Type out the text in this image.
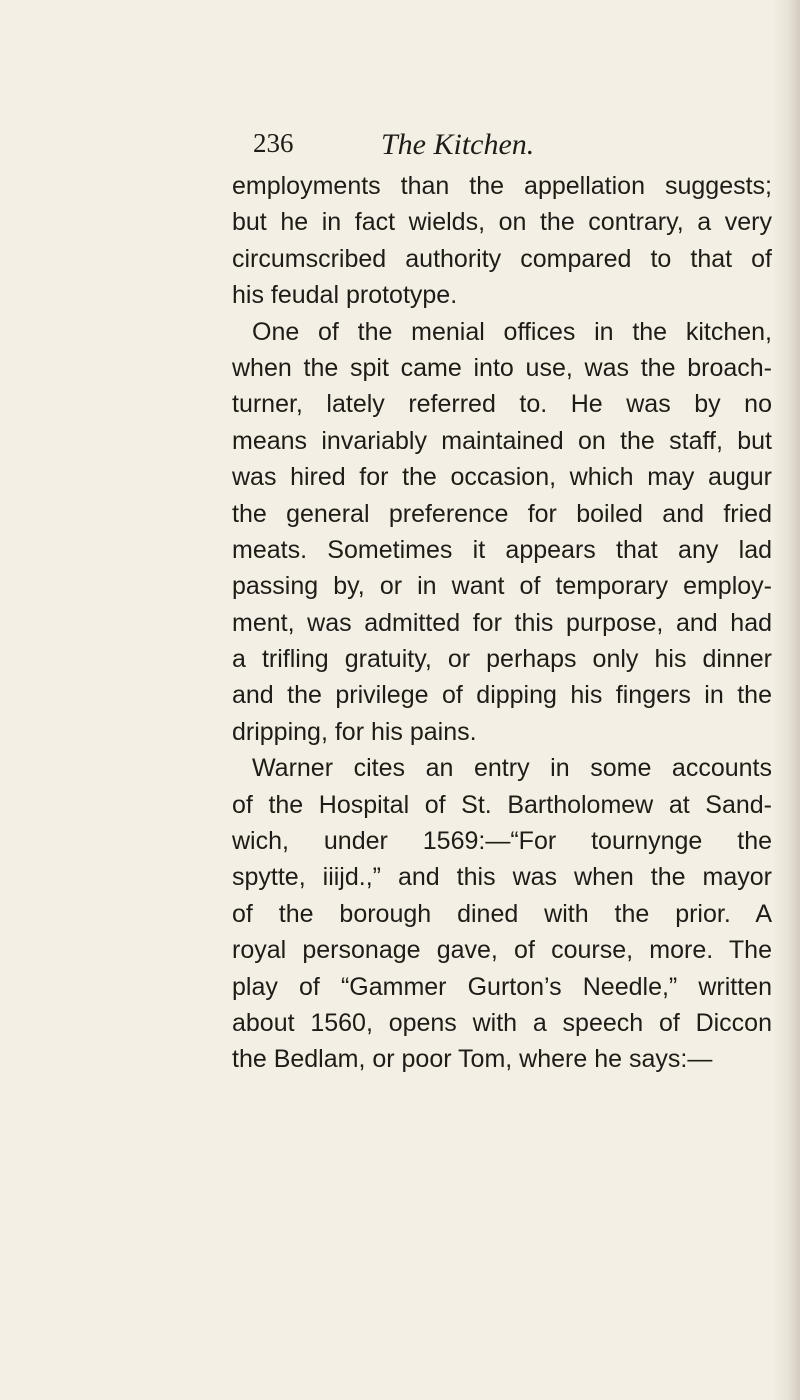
236	The Kitchen.
employments than the appellation suggests;
but he in fact wields, on the contrary, a very
circumscribed authority compared to that of
his feudal prototype.
One of the menial offices in the kitchen,
when the spit came into use, was the broach-
turner, lately referred to. He was by no
means invariably maintained on the staff, but
was hired for the occasion, which may augur
the general preference for boiled and fried
meats. Sometimes it appears that any lad
passing by, or in want of temporary employ-
ment, was admitted for this purpose, and had
a trifling gratuity, or perhaps only his dinner
and the privilege of dipping his fingers in the
dripping, for his pains.
Warner cites an entry in some accounts
of the Hospital of St. Bartholomew at Sand-
wich, under 1569:—“For tournynge the
spytte, iiijd.,” and this was when the mayor
of the borough dined with the prior. A
royal personage gave, of course, more. The
play of “Gammer Gurton’s Needle,” written
about 1560, opens with a speech of Diccon
the Bedlam, or poor Tom, where he says:—
